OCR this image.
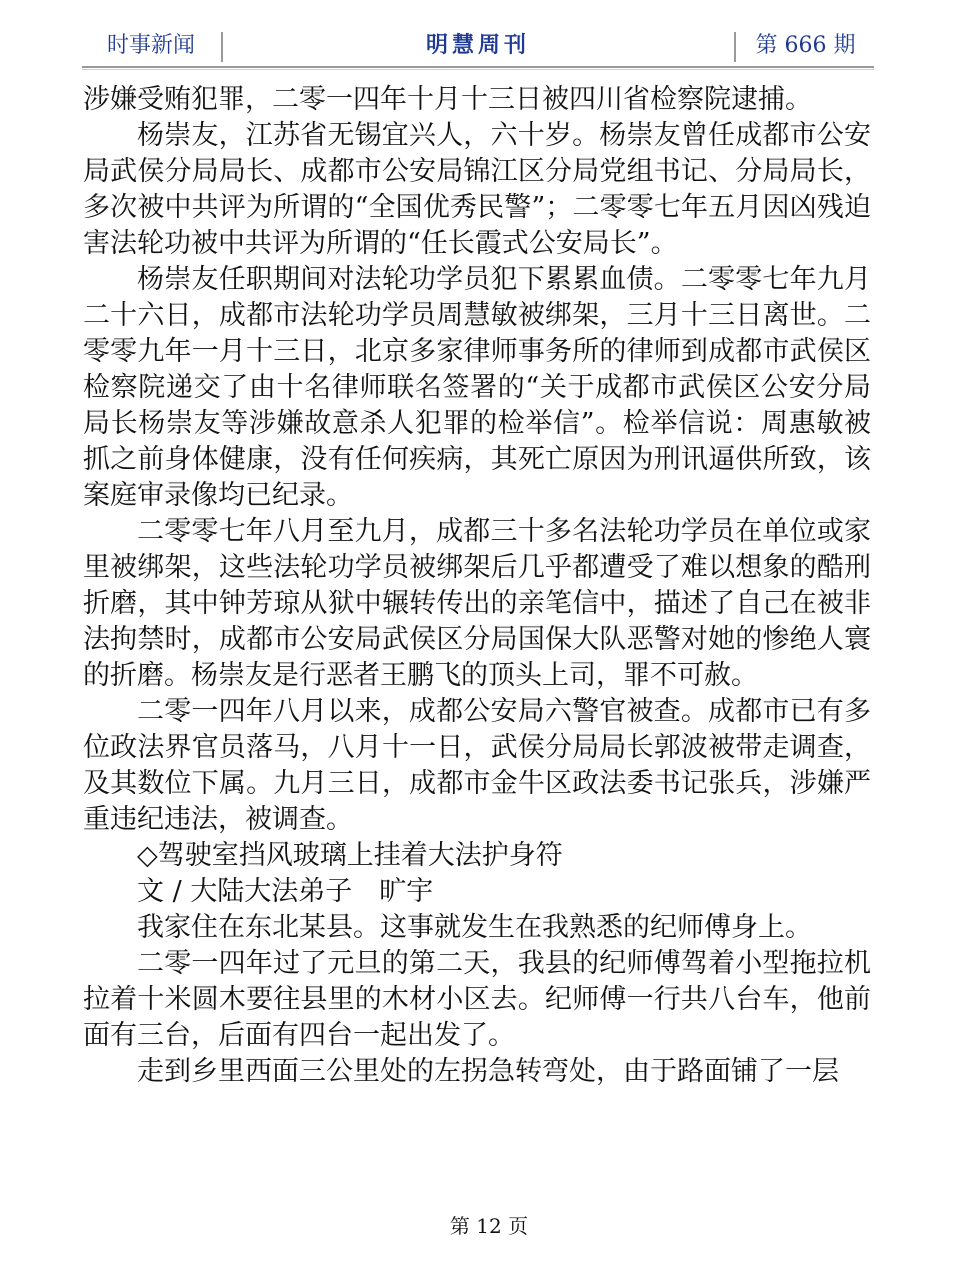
时事新闻	明慧周刊	第 666 期

涉嫌受贿犯罪，二零一四年十月十三日被四川省检察院逮捕。

杨崇友，江苏省无锡宜兴人，六十岁。杨崇友曾任成都市公安局武侯分局局长、成都市公安局锦江区分局党组书记、分局局长，多次被中共评为所谓的“全国优秀民警”；二零零七年五月因凶残迫害法轮功被中共评为所谓的“任长霞式公安局长”。

杨崇友任职期间对法轮功学员犯下累累血债。二零零七年九月二十六日，成都市法轮功学员周慧敏被绑架，三月十三日离世。二零零九年一月十三日，北京多家律师事务所的律师到成都市武侯区检察院递交了由十名律师联名签署的“关于成都市武侯区公安分局局长杨崇友等涉嫌故意杀人犯罪的检举信”。检举信说：周惠敏被抓之前身体健康，没有任何疾病，其死亡原因为刑讯逼供所致，该案庭审录像均已纪录。

二零零七年八月至九月，成都三十多名法轮功学员在单位或家里被绑架，这些法轮功学员被绑架后几乎都遭受了难以想象的酷刑折磨，其中钟芳琼从狱中辗转传出的亲笔信中，描述了自己在被非法拘禁时，成都市公安局武侯区分局国保大队恶警对她的惨绝人寰的折磨。杨崇友是行恶者王鹏飞的顶头上司，罪不可赦。

二零一四年八月以来，成都公安局六警官被查。成都市已有多位政法界官员落马，八月十一日，武侯分局局长郭波被带走调查，及其数位下属。九月三日，成都市金牛区政法委书记张兵，涉嫌严重违纪违法，被调查。

◇驾驶室挡风玻璃上挂着大法护身符

文 / 大陆大法弟子　旷宇

我家住在东北某县。这事就发生在我熟悉的纪师傅身上。

二零一四年过了元旦的第二天，我县的纪师傅驾着小型拖拉机拉着十米圆木要往县里的木材小区去。纪师傅一行共八台车，他前面有三台，后面有四台一起出发了。

走到乡里西面三公里处的左拐急转弯处，由于路面铺了一层

第 12 页
